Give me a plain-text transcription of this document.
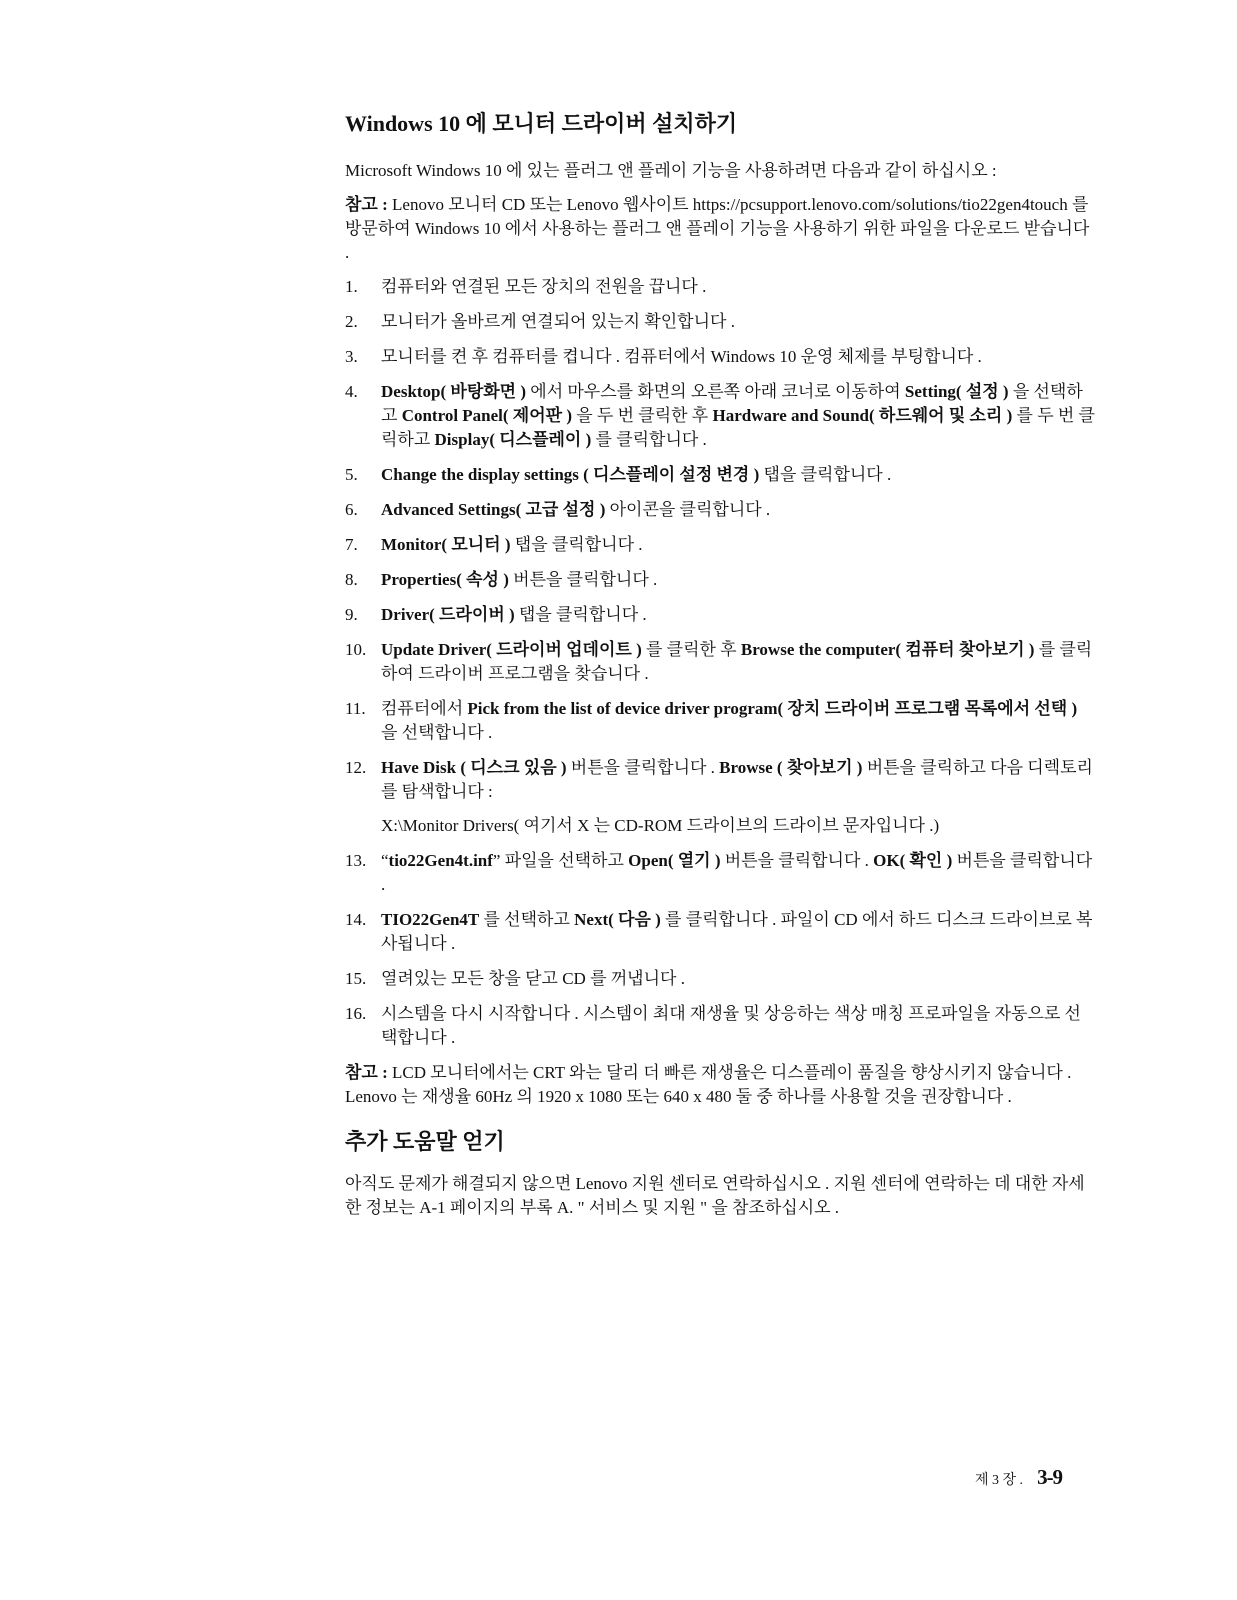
Windows 10 에 모니터 드라이버 설치하기

Microsoft Windows 10 에 있는 플러그 앤 플레이 기능을 사용하려면 다음과 같이 하십시오 :

참고 : Lenovo 모니터 CD 또는 Lenovo 웹사이트 https://pcsupport.lenovo.com/solutions/tio22gen4touch 를 방문하여 Windows 10 에서 사용하는 플러그 앤 플레이 기능을 사용하기 위한 파일을 다운로드 받습니다 .

1. 컴퓨터와 연결된 모든 장치의 전원을 끕니다 .
2. 모니터가 올바르게 연결되어 있는지 확인합니다 .
3. 모니터를 켠 후 컴퓨터를 켭니다 . 컴퓨터에서 Windows 10 운영 체제를 부팅합니다 .
4. Desktop( 바탕화면 ) 에서 마우스를 화면의 오른쪽 아래 코너로 이동하여 Setting( 설정 ) 을 선택하고 Control Panel( 제어판 ) 을 두 번 클릭한 후 Hardware and Sound( 하드웨어 및 소리 ) 를 두 번 클릭하고 Display( 디스플레이 ) 를 클릭합니다 .
5. Change the display settings ( 디스플레이 설정 변경 ) 탭을 클릭합니다 .
6. Advanced Settings( 고급 설정 ) 아이콘을 클릭합니다 .
7. Monitor( 모니터 ) 탭을 클릭합니다 .
8. Properties( 속성 ) 버튼을 클릭합니다 .
9. Driver( 드라이버 ) 탭을 클릭합니다 .
10. Update Driver( 드라이버 업데이트 ) 를 클릭한 후 Browse the computer( 컴퓨터 찾아보기 ) 를 클릭하여 드라이버 프로그램을 찾습니다 .
11. 컴퓨터에서 Pick from the list of device driver program( 장치 드라이버 프로그램 목록에서 선택 ) 을 선택합니다 .
12. Have Disk ( 디스크 있음 ) 버튼을 클릭합니다 . Browse ( 찾아보기 ) 버튼을 클릭하고 다음 디렉토리를 탐색합니다 :
X:\Monitor Drivers( 여기서 X 는 CD-ROM 드라이브의 드라이브 문자입니다 .)
13. “tio22Gen4t.inf” 파일을 선택하고 Open( 열기 ) 버튼을 클릭합니다 . OK( 확인 ) 버튼을 클릭합니다 .
14. TIO22Gen4T 를 선택하고 Next( 다음 ) 를 클릭합니다 . 파일이 CD 에서 하드 디스크 드라이브로 복사됩니다 .
15. 열려있는 모든 창을 닫고 CD 를 꺼냅니다 .
16. 시스템을 다시 시작합니다 . 시스템이 최대 재생율 및 상응하는 색상 매칭 프로파일을 자동으로 선택합니다 .

참고 : LCD 모니터에서는 CRT 와는 달리 더 빠른 재생율은 디스플레이 품질을 향상시키지 않습니다 . Lenovo 는 재생율 60Hz 의 1920 x 1080 또는 640 x 480 둘 중 하나를 사용할 것을 권장합니다 .

추가 도움말 얻기

아직도 문제가 해결되지 않으면 Lenovo 지원 센터로 연락하십시오 . 지원 센터에 연락하는 데 대한 자세한 정보는 A-1 페이지의 부록 A. " 서비스 및 지원 " 을 참조하십시오 .

제 3 장 . 3-9
